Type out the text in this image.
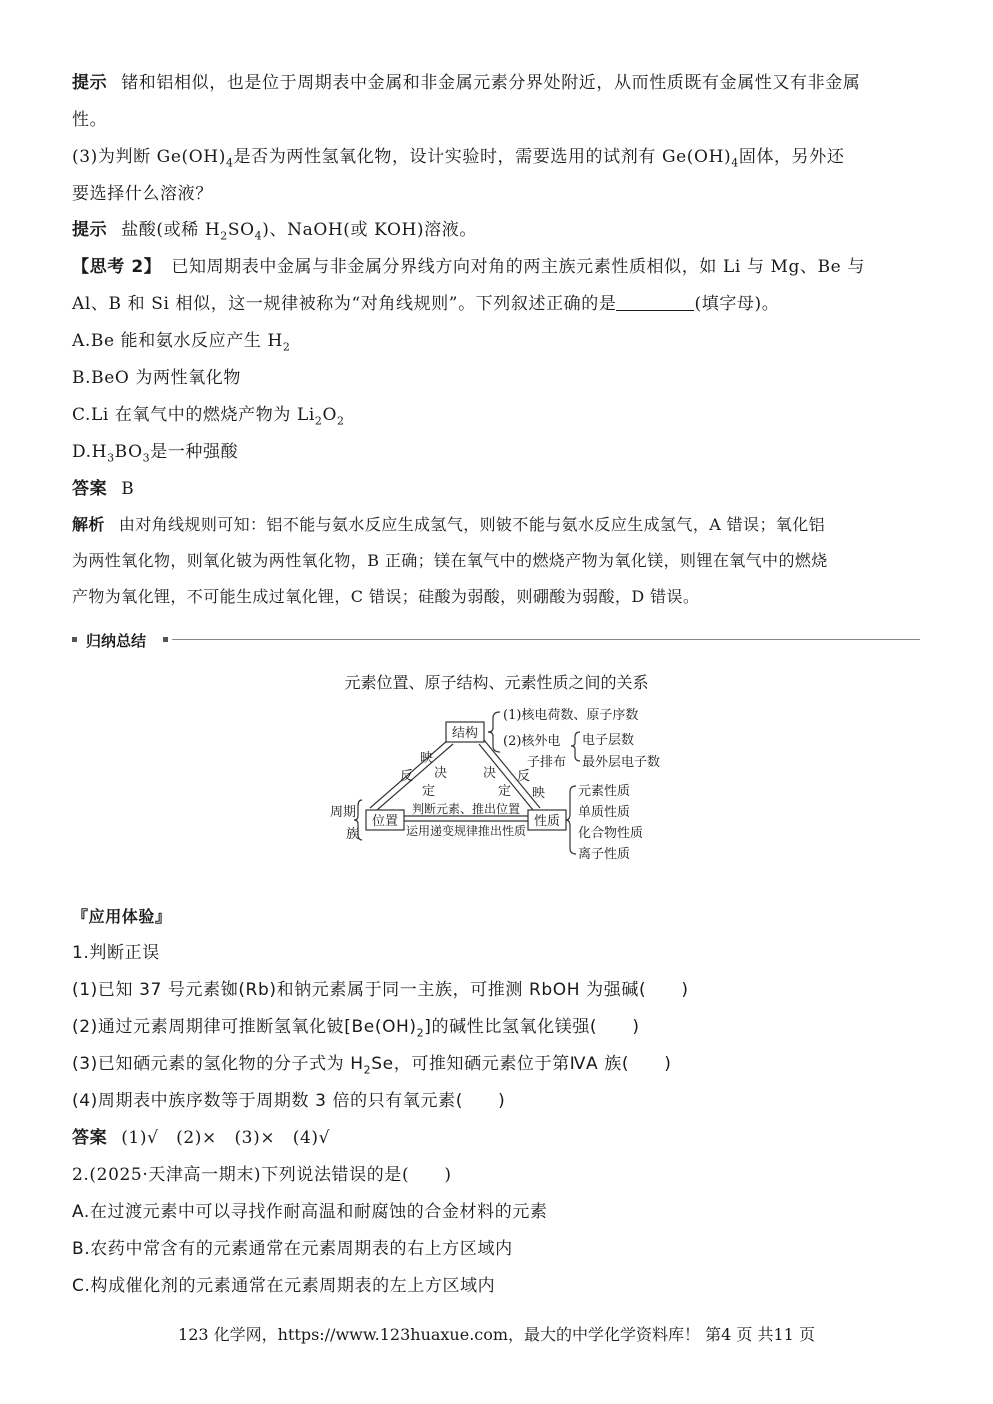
提示 锗和铝相似，也是位于周期表中金属和非金属元素分界处附近，从而性质既有金属性又有非金属
性。
(3)为判断 $Ge(OH)_4$是否为两性氢氧化物，设计实验时，需要选用的试剂有 $Ge(OH)_4$固体，另外还
要选择什么溶液？
提示 盐酸(或稀 $H_2SO_4$)、NaOH(或 KOH)溶液。
【思考 2】 已知周期表中金属与非金属分界线方向对角的两主族元素性质相似，如 Li 与 Mg、Be 与
Al、B 和 Si 相似，这一规律被称为“对角线规则”。下列叙述正确的是	(填字母)。
A.Be 能和氨水反应产生 $H_2$
B.BeO 为两性氧化物
C.Li 在氧气中的燃烧产物为 $Li_2O_2$
$D.H_3BO_3$是一种强酸
答案 B
解析 由对角线规则可知：铝不能与氨水反应生成氢气，则铍不能与氨水反应生成氢气，A 错误；氧化铝
为两性氧化物，则氧化铍为两性氧化物，B 正确；镁在氧气中的燃烧产物为氧化镁，则锂在氧气中的燃烧
产物为氧化锂，不可能生成过氧化锂，C 错误；硅酸为弱酸，则硼酸为弱酸，D 错误。
归纳总结
元素位置、原子结构、元素性质之间的关系
结构
位置	性质
(1)核电荷数、原子序数
(2)核外电
子排布
电子层数
最外层电子数
元素性质
单质性质
化合物性质
离子性质
周期
族
映
反 决
定
决
定
反
映
判断元素、推出位置
运用递变规律推出性质
『应用体验』
1.判断正误
(1)已知 37 号元素铷(Rb)和钠元素属于同一主族，可推测 RbOH 为强碱(　　)
(2)通过元素周期律可推断氢氧化铍$[Be(OH)_2]$的碱性比氢氧化镁强(　　)
(3)已知硒元素的氢化物的分子式为 $H_2Se$，可推知硒元素位于第ⅣA 族(　　)
(4)周期表中族序数等于周期数 3 倍的只有氧元素(　　)
答案 (1)√　(2)×　(3)×　(4)√
2.(2025·天津高一期末)下列说法错误的是(　　)
A.在过渡元素中可以寻找作耐高温和耐腐蚀的合金材料的元素
B.农药中常含有的元素通常在元素周期表的右上方区域内
C.构成催化剂的元素通常在元素周期表的左上方区域内
123 化学网，https://www.123huaxue.com，最大的中学化学资料库！ 第4 页 共11 页
